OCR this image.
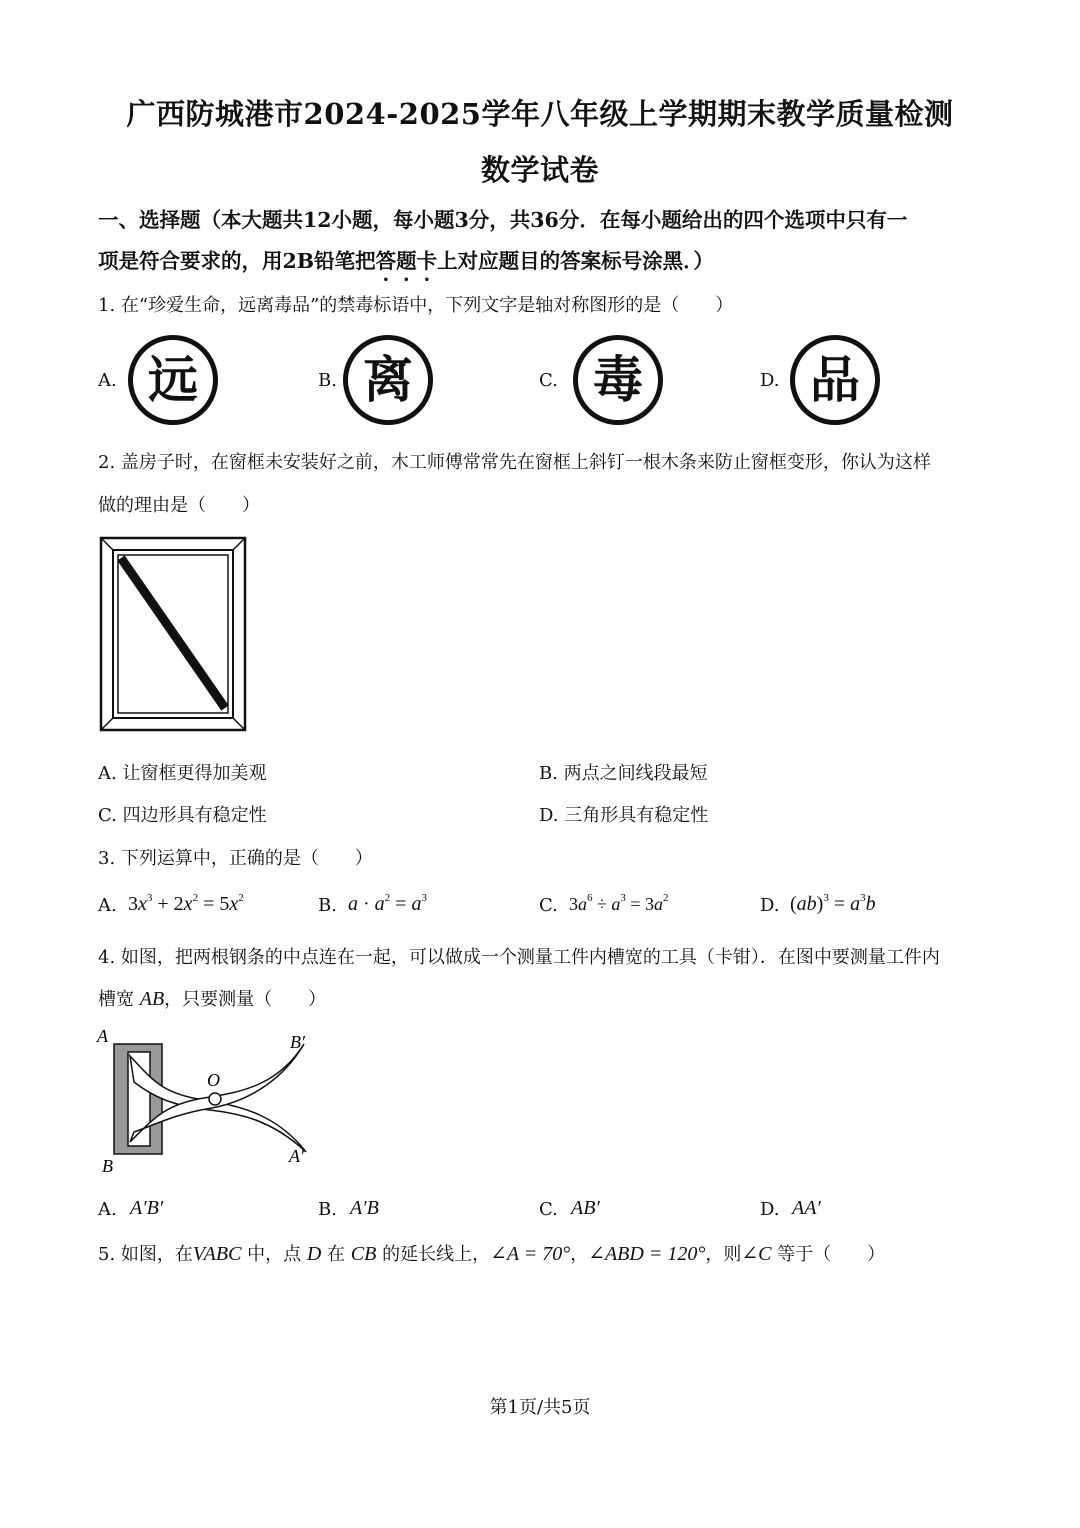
广西防城港市2024-2025学年八年级上学期期末教学质量检测
数学试卷
一、选择题（本大题共12小题，每小题3分，共36分．在每小题给出的四个选项中只有一
项是符合要求的，用2B铅笔把答题卡上对应题目的答案标号涂黑．）
1. 在“珍爱生命，远离毒品”的禁毒标语中，下列文字是轴对称图形的是（　　）
A. 远	B. 离	C. 毒	D. 品
2. 盖房子时，在窗框未安装好之前，木工师傅常常先在窗框上斜钉一根木条来防止窗框变形，你认为这样
做的理由是（　　）
A. 让窗框更得加美观	B. 两点之间线段最短
C. 四边形具有稳定性	D. 三角形具有稳定性
3. 下列运算中，正确的是（　　）
A. $3x^3 + 2x^2 = 5x^2$	B. $a \cdot a^2 = a^3$	C. $3a^6 \div a^3 = 3a^2$	D. $(ab)^3 = a^3b$
4. 如图，把两根钢条的中点连在一起，可以做成一个测量工件内槽宽的工具（卡钳）．在图中要测量工件内
槽宽 AB，只要测量（　　）
A
B
O
B′
A′
A. A′B′	B. A′B	C. AB′	D. AA′
5. 如图，在VABC 中，点 D 在 CB 的延长线上，∠A = 70°，∠ABD = 120°，则∠C 等于（　　）
第1页/共5页
